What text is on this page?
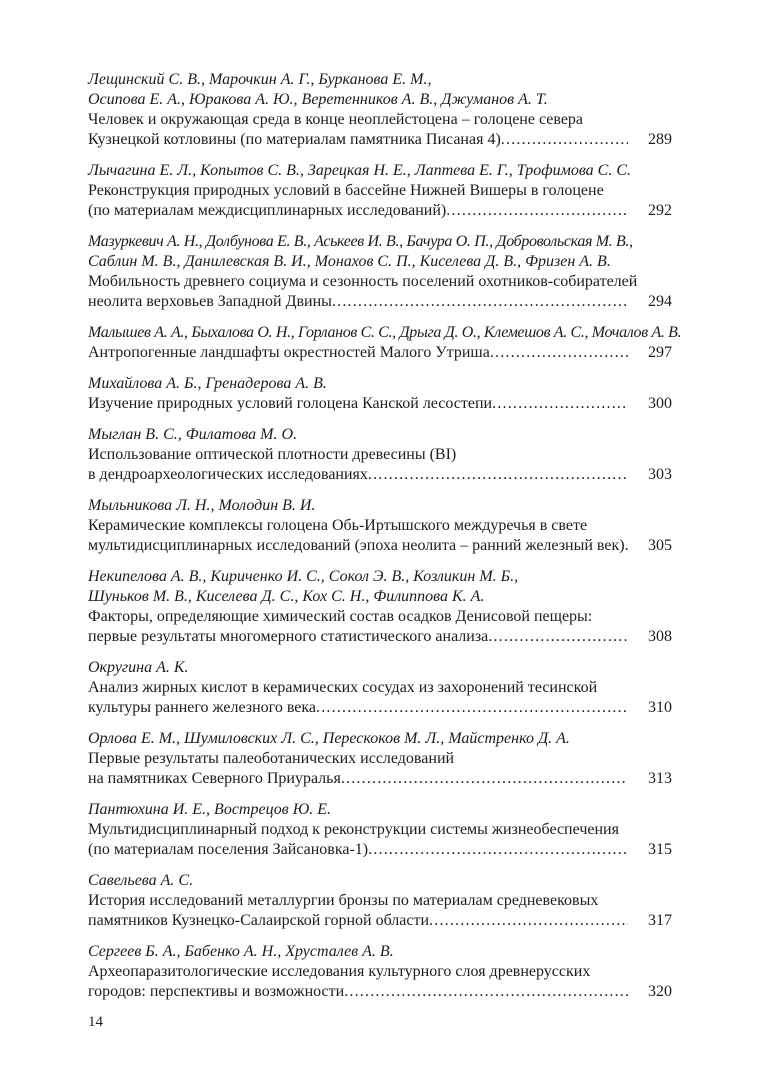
Лещинский С. В., Марочкин А. Г., Бурканова Е. М.,
Осипова Е. А., Юракова А. Ю., Веретенников А. В., Джуманов А. Т.
Человек и окружающая среда в конце неоплейстоцена – голоцене севера
Кузнецкой котловины (по материалам памятника Писаная 4) .....	289
Лычагина Е. Л., Копытов С. В., Зарецкая Н. Е., Лаптева Е. Г., Трофимова С. С.
Реконструкция природных условий в бассейне Нижней Вишеры в голоцене
(по материалам междисциплинарных исследований) .....	292
Мазуркевич А. Н., Долбунова Е. В., Аськеев И. В., Бачура О. П., Добровольская М. В.,
Саблин М. В., Данилевская В. И., Монахов С. П., Киселева Д. В., Фризен А. В.
Мобильность древнего социума и сезонность поселений охотников-собирателей
неолита верховьев Западной Двины .....	294
Малышев А. А., Быхалова О. Н., Горланов С. С., Дрыга Д. О., Клемешов А. С., Мочалов А. В.
Антропогенные ландшафты окрестностей Малого Утриша .....	297
Михайлова А. Б., Гренадерова А. В.
Изучение природных условий голоцена Канской лесостепи .....	300
Мыглан В. С., Филатова М. О.
Использование оптической плотности древесины (BI)
в дендроархеологических исследованиях .....	303
Мыльникова Л. Н., Молодин В. И.
Керамические комплексы голоцена Обь-Иртышского междуречья в свете
мультидисциплинарных исследований (эпоха неолита – ранний железный век) .....	305
Некипелова А. В., Кириченко И. С., Сокол Э. В., Козликин М. Б.,
Шуньков М. В., Киселева Д. С., Кох С. Н., Филиппова К. А.
Факторы, определяющие химический состав осадков Денисовой пещеры:
первые результаты многомерного статистического анализа .....	308
Округина А. К.
Анализ жирных кислот в керамических сосудах из захоронений тесинской
культуры раннего железного века .....	310
Орлова Е. М., Шумиловских Л. С., Перескоков М. Л., Майстренко Д. А.
Первые результаты палеоботанических исследований
на памятниках Северного Приуралья .....	313
Пантюхина И. Е., Вострецов Ю. Е.
Мультидисциплинарный подход к реконструкции системы жизнеобеспечения
(по материалам поселения Зайсановка-1) .....	315
Савельева А. С.
История исследований металлургии бронзы по материалам средневековых
памятников Кузнецко-Салаирской горной области .....	317
Сергеев Б. А., Бабенко А. Н., Хрусталев А. В.
Археопаразитологические исследования культурного слоя древнерусских
городов: перспективы и возможности .....	320
14
